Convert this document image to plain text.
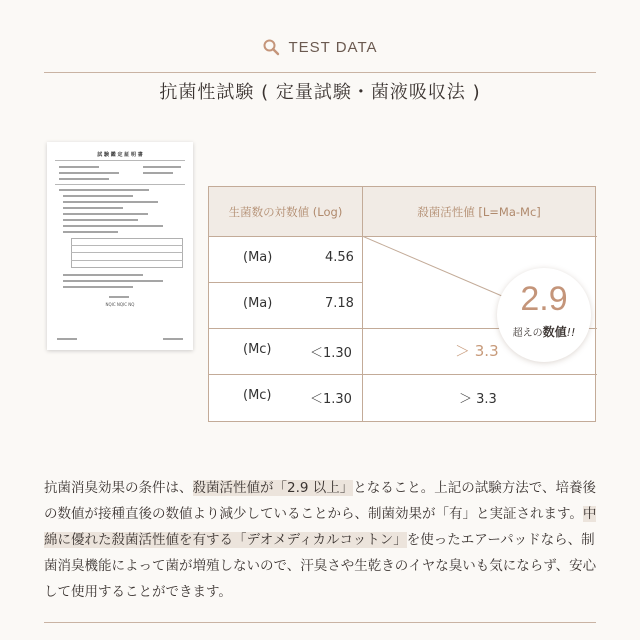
TEST DATA
抗菌性試験 ( 定量試験・菌液吸収法 )
試 験 鑑 定 証 明 書
NQIC NQIC NQ
生菌数の対数値 (Log)	殺菌活性値 [L=Ma-Mc]
(Ma)	4.56
(Ma)	7.18
(Mc)	＜1.30	＞ 3.3
(Mc)	＜1.30	＞ 3.3
2.9
超えの数値!!
抗菌消臭効果の条件は、殺菌活性値が「2.9 以上」となること。上記の試験方法で、培養後の数値が接種直後の数値より減少していることから、制菌効果が「有」と実証されます。中綿に優れた殺菌活性値を有する「デオメディカルコットン」を使ったエアーパッドなら、制菌消臭機能によって菌が増殖しないので、汗臭さや生乾きのイヤな臭いも気にならず、安心して使用することができます。
